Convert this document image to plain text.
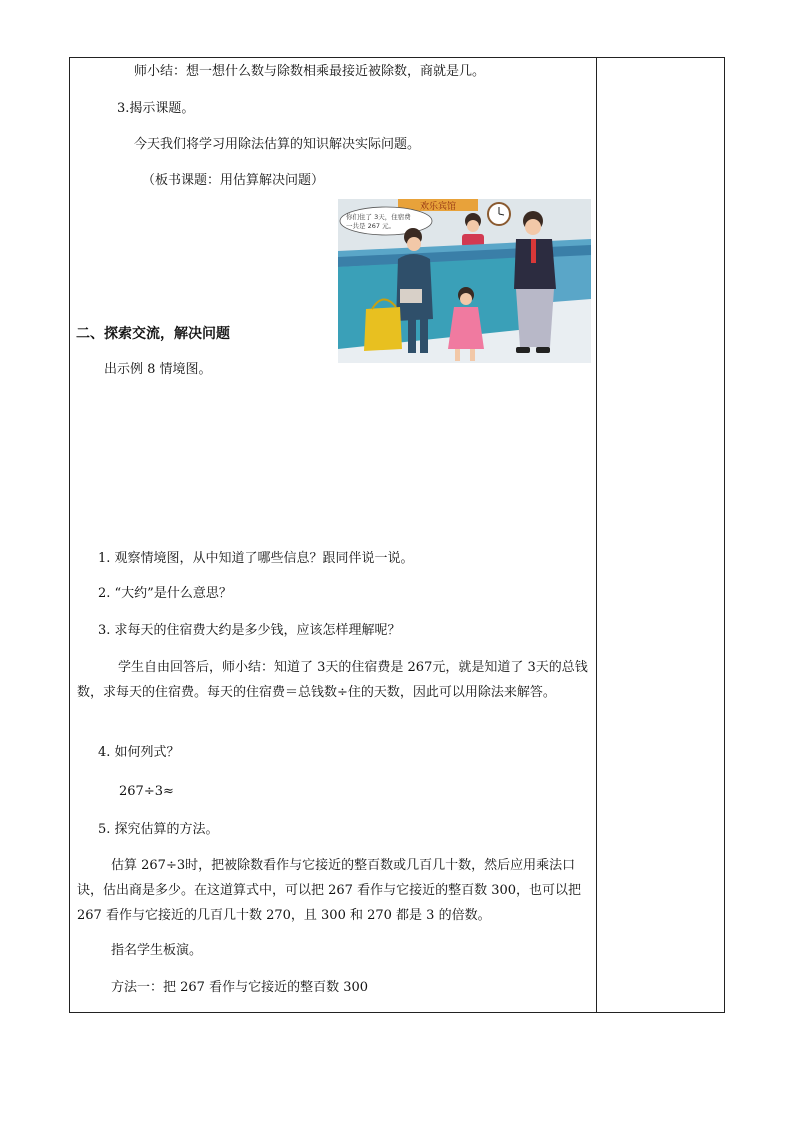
师小结：想一想什么数与除数相乘最接近被除数，商就是几。
3.揭示课题。
今天我们将学习用除法估算的知识解决实际问题。
（板书课题：用估算解决问题）
欢乐宾馆
你们住了 3天，住宿费
一共是 267 元。
二、探索交流，解决问题
出示例 8 情境图。
1. 观察情境图，从中知道了哪些信息？跟同伴说一说。
2. “大约”是什么意思？
3. 求每天的住宿费大约是多少钱，应该怎样理解呢？
学生自由回答后，师小结：知道了 3天的住宿费是 267元，就是知道了 3天的总钱数，求每天的住宿费。每天的住宿费＝总钱数÷住的天数，因此可以用除法来解答。
4. 如何列式？
267÷3≈
5. 探究估算的方法。
估算 267÷3时，把被除数看作与它接近的整百数或几百几十数，然后应用乘法口诀，估出商是多少。在这道算式中，可以把 267 看作与它接近的整百数 300，也可以把 267 看作与它接近的几百几十数 270，且 300 和 270 都是 3 的倍数。
指名学生板演。
方法一：把 267 看作与它接近的整百数 300
